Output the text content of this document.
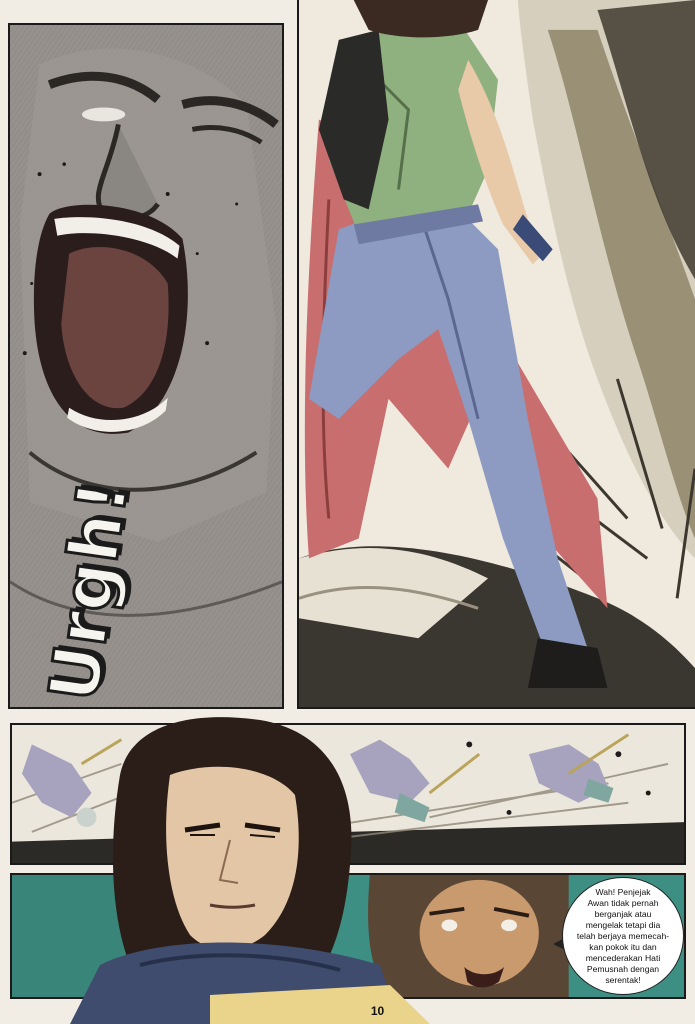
Urgh!

Wah! Penjejak
Awan tidak pernah
berganjak atau
mengelak tetapi dia
telah berjaya memecah-
kan pokok itu dan
mencederakan Hati
Pemusnah dengan
serentak!

10
